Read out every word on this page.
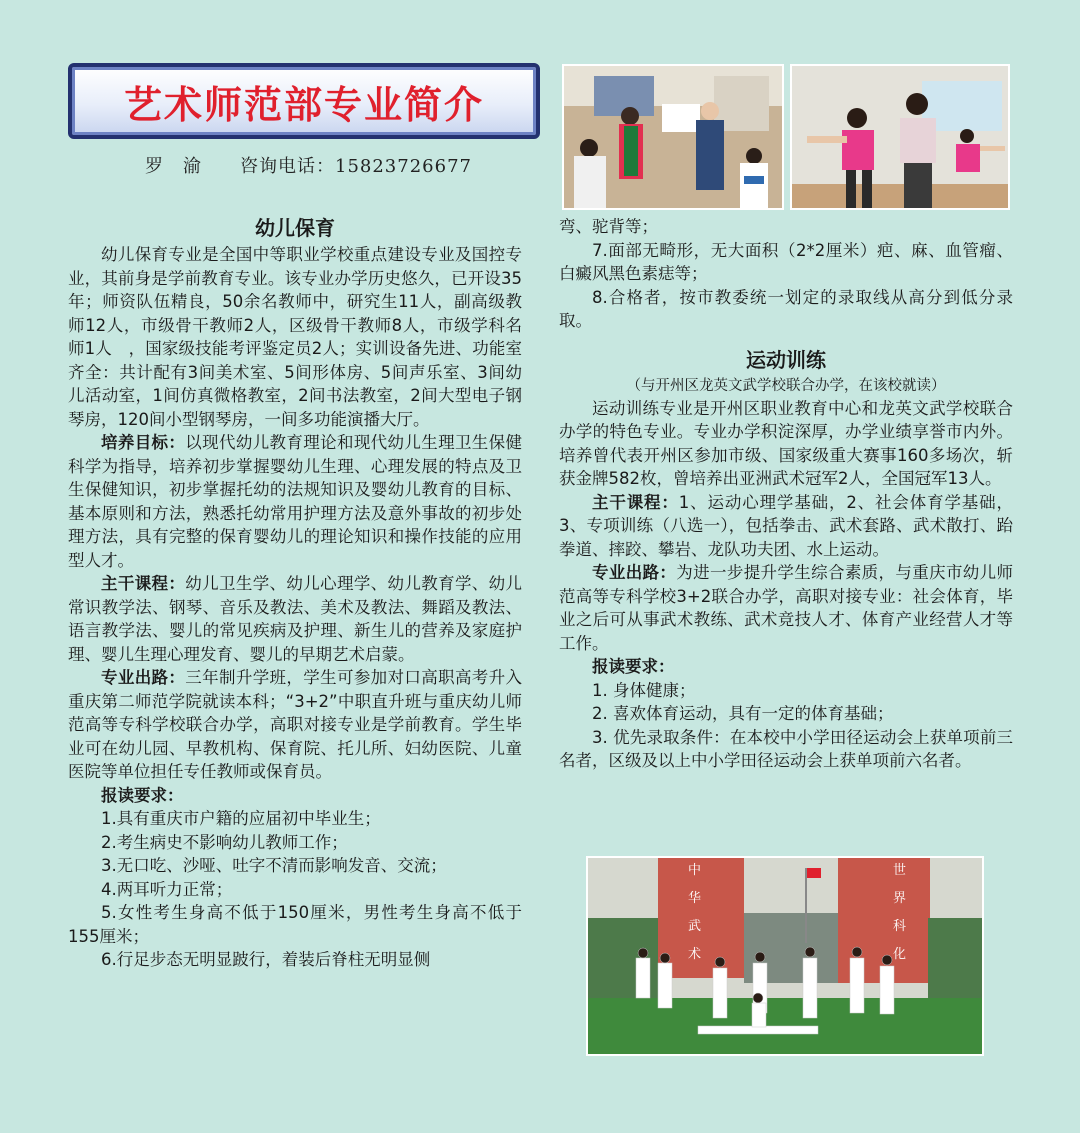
艺术师范部专业简介
罗　渝　　咨询电话：15823726677
幼儿保育

幼儿保育专业是全国中等职业学校重点建设专业及国控专业，其前身是学前教育专业。该专业办学历史悠久，已开设35年；师资队伍精良，50余名教师中，研究生11人，副高级教师12人，市级骨干教师2人，区级骨干教师8人，市级学科名师1人　，国家级技能考评鉴定员2人；实训设备先进、功能室齐全：共计配有3间美术室、5间形体房、5间声乐室、3间幼儿活动室，1间仿真微格教室，2间书法教室，2间大型电子钢琴房，120间小型钢琴房，一间多功能演播大厅。

培养目标：以现代幼儿教育理论和现代幼儿生理卫生保健科学为指导，培养初步掌握婴幼儿生理、心理发展的特点及卫生保健知识，初步掌握托幼的法规知识及婴幼儿教育的目标、基本原则和方法，熟悉托幼常用护理方法及意外事故的初步处理方法，具有完整的保育婴幼儿的理论知识和操作技能的应用型人才。

主干课程：幼儿卫生学、幼儿心理学、幼儿教育学、幼儿常识教学法、钢琴、音乐及教法、美术及教法、舞蹈及教法、语言教学法、婴儿的常见疾病及护理、新生儿的营养及家庭护理、婴儿生理心理发育、婴儿的早期艺术启蒙。

专业出路：三年制升学班，学生可参加对口高职高考升入重庆第二师范学院就读本科；“3+2”中职直升班与重庆幼儿师范高等专科学校联合办学，高职对接专业是学前教育。学生毕业可在幼儿园、早教机构、保育院、托儿所、妇幼医院、儿童医院等单位担任专任教师或保育员。

报读要求：

1.具有重庆市户籍的应届初中毕业生；

2.考生病史不影响幼儿教师工作；

3.无口吃、沙哑、吐字不清而影响发音、交流；

4.两耳听力正常；

5.女性考生身高不低于150厘米，男性考生身高不低于155厘米；

6.行足步态无明显跛行，着装后脊柱无明显侧

弯、驼背等；

7.面部无畸形，无大面积（2*2厘米）疤、麻、血管瘤、白癜风黑色素痣等；

8.合格者，按市教委统一划定的录取线从高分到低分录取。

运动训练

（与开州区龙英文武学校联合办学，在该校就读）

运动训练专业是开州区职业教育中心和龙英文武学校联合办学的特色专业。专业办学积淀深厚，办学业绩享誉市内外。培养曾代表开州区参加市级、国家级重大赛事160多场次，斩获金牌582枚，曾培养出亚洲武术冠军2人，全国冠军13人。

主干课程：1、运动心理学基础，2、社会体育学基础，3、专项训练（八选一），包括拳击、武术套路、武术散打、跆拳道、摔跤、攀岩、龙队功夫团、水上运动。

专业出路：为进一步提升学生综合素质，与重庆市幼儿师范高等专科学校3+2联合办学，高职对接专业：社会体育，毕业之后可从事武术教练、武术竞技人才、体育产业经营人才等工作。

报读要求：

1. 身体健康；

2. 喜欢体育运动，具有一定的体育基础；

3. 优先录取条件：在本校中小学田径运动会上获单项前三名者，区级及以上中小学田径运动会上获单项前六名者。

中华武术
世界科化
